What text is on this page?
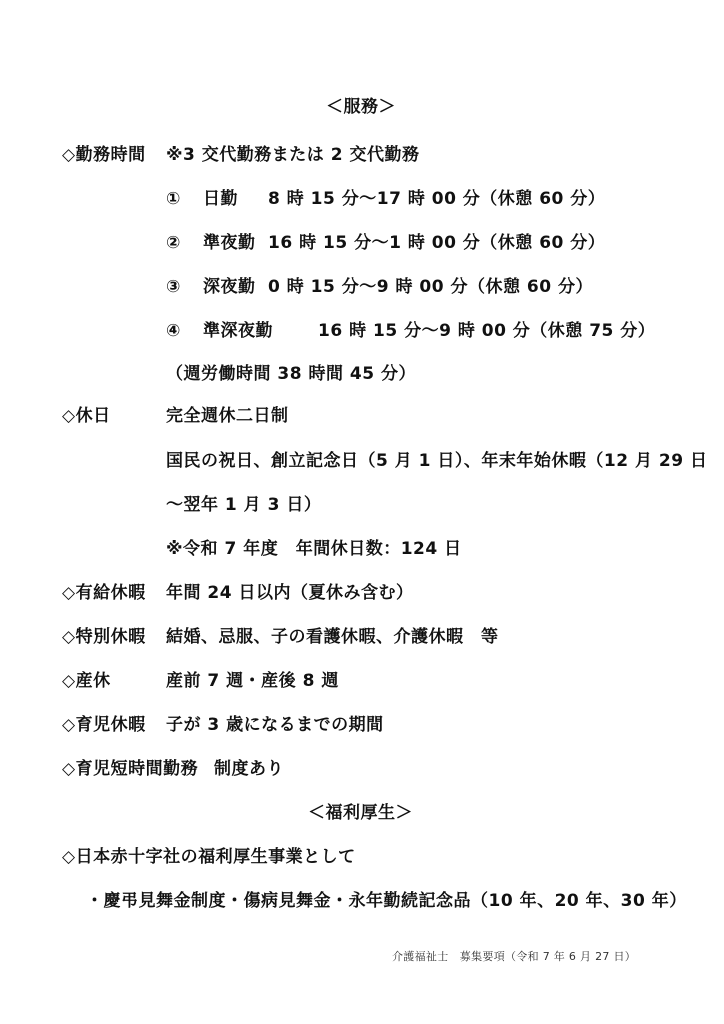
＜服務＞
◇勤務時間 ※3 交代勤務または 2 交代勤務
① 日勤 8 時 15 分～17 時 00 分（休憩 60 分）
② 準夜勤 16 時 15 分～1 時 00 分（休憩 60 分）
③ 深夜勤 0 時 15 分～9 時 00 分（休憩 60 分）
④ 準深夜勤	16 時 15 分～9 時 00 分（休憩 75 分）
（週労働時間 38 時間 45 分）
◇休日	完全週休二日制
国民の祝日、創立記念日（5 月 1 日）、年末年始休暇（12 月 29 日
～翌年 1 月 3 日）
※令和 7 年度　年間休日数：124 日
◇有給休暇 年間 24 日以内（夏休み含む）
◇特別休暇 結婚、忌服、子の看護休暇、介護休暇　等
◇産休	産前 7 週・産後 8 週
◇育児休暇 子が 3 歳になるまでの期間
◇育児短時間勤務 制度あり
＜福利厚生＞
◇日本赤十字社の福利厚生事業として
・慶弔見舞金制度・傷病見舞金・永年勤続記念品（10 年、20 年、30 年）
介護福祉士　募集要項（令和 7 年 6 月 27 日）
